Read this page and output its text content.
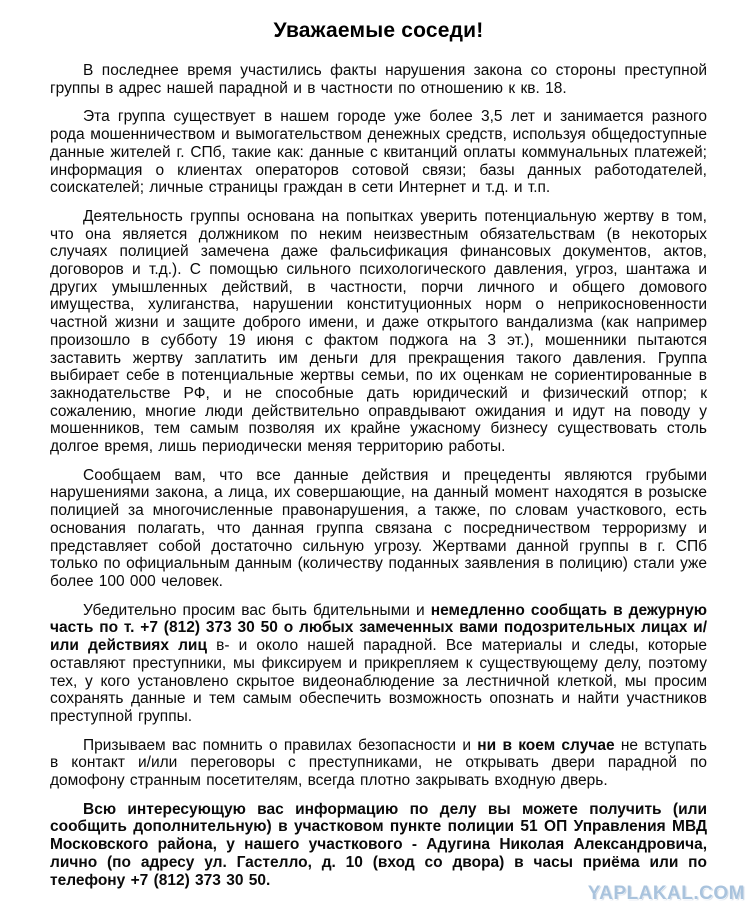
Уважаемые соседи!

В последнее время участились факты нарушения закона со стороны преступной группы в адрес нашей парадной и в частности по отношению к кв. 18.

Эта группа существует в нашем городе уже более 3,5 лет и занимается разного рода мошенничеством и вымогательством денежных средств, используя общедоступные данные жителей г. СПб, такие как: данные с квитанций оплаты коммунальных платежей; информация о клиентах операторов сотовой связи; базы данных работодателей, соискателей; личные страницы граждан в сети Интернет и т.д. и т.п.

Деятельность группы основана на попытках уверить потенциальную жертву в том, что она является должником по неким неизвестным обязательствам (в некоторых случаях полицией замечена даже фальсификация финансовых документов, актов, договоров и т.д.). С помощью сильного психологического давления, угроз, шантажа и других умышленных действий, в частности, порчи личного и общего домового имущества, хулиганства, нарушении конституционных норм о неприкосновенности частной жизни и защите доброго имени, и даже открытого вандализма (как например произошло в субботу 19 июня с фактом поджога на 3 эт.), мошенники пытаются заставить жертву заплатить им деньги для прекращения такого давления. Группа выбирает себе в потенциальные жертвы семьи, по их оценкам не сориентированные в закнодательстве РФ, и не способные дать юридический и физический отпор; к сожалению, многие люди действительно оправдывают ожидания и идут на поводу у мошенников, тем самым позволяя их крайне ужасному бизнесу существовать столь долгое время, лишь периодически меняя территорию работы.

Сообщаем вам, что все данные действия и прецеденты являются грубыми нарушениями закона, а лица, их совершающие, на данный момент находятся в розыске полицией за многочисленные правонарушения, а также, по словам участкового, есть основания полагать, что данная группа связана с посредничеством терроризму и представляет собой достаточно сильную угрозу. Жертвами данной группы в г. СПб только по официальным данным (количеству поданных заявления в полицию) стали уже более 100 000 человек.

Убедительно просим вас быть бдительными и немедленно сообщать в дежурную часть по т. +7 (812) 373 30 50 о любых замеченных вами подозрительных лицах и/или действиях лиц в- и около нашей парадной. Все материалы и следы, которые оставляют преступники, мы фиксируем и прикрепляем к существующему делу, поэтому тех, у кого установлено скрытое видеонаблюдение за лестничной клеткой, мы просим сохранять данные и тем самым обеспечить возможность опознать и найти участников преступной группы.

Призываем вас помнить о правилах безопасности и ни в коем случае не вступать в контакт и/или переговоры с преступниками, не открывать двери парадной по домофону странным посетителям, всегда плотно закрывать входную дверь.

Всю интересующую вас информацию по делу вы можете получить (или сообщить дополнительную) в участковом пункте полиции 51 ОП Управления МВД Московского района, у нашего участкового - Адугина Николая Александровича, лично (по адресу ул. Гастелло, д. 10 (вход со двора) в часы приёма или по телефону +7 (812) 373 30 50.

YAPLAKAL.COM
